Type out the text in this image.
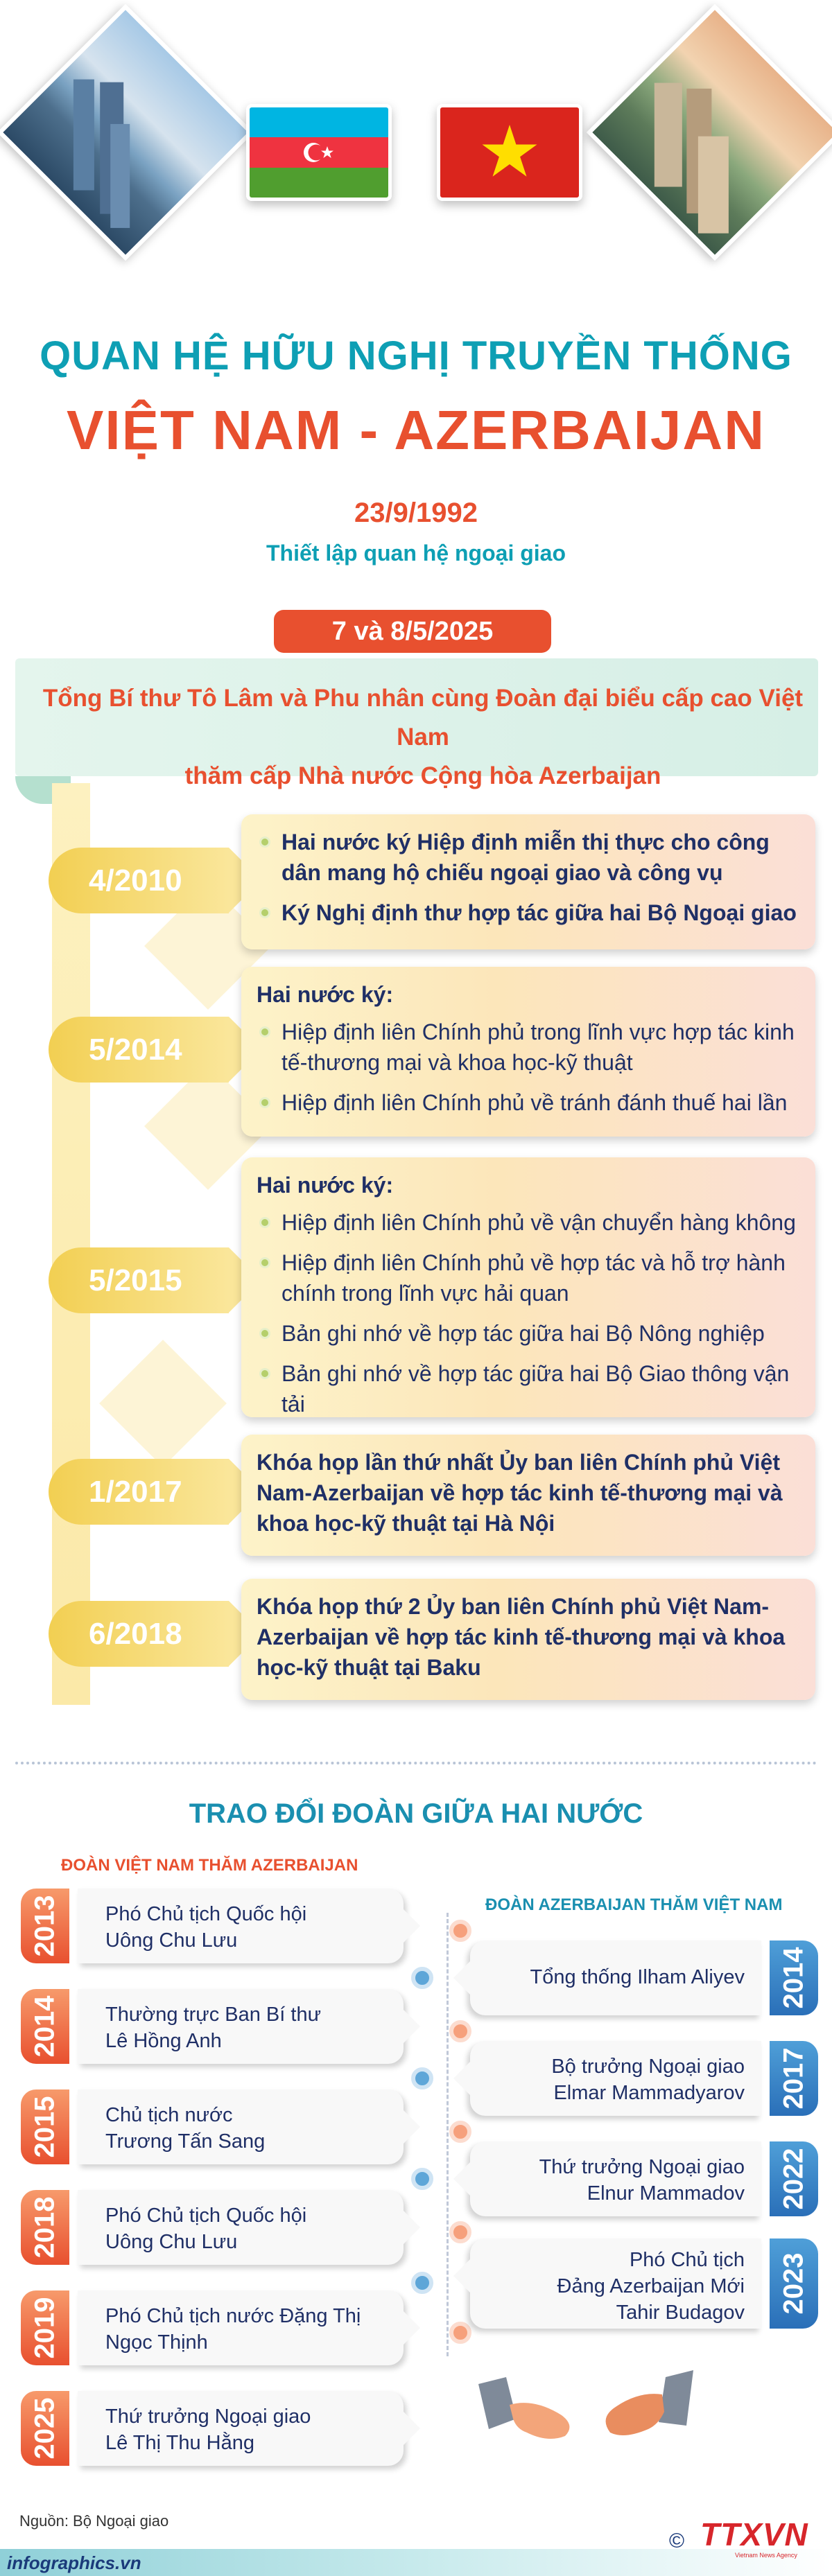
QUAN HỆ HỮU NGHỊ TRUYỀN THỐNG
VIỆT NAM - AZERBAIJAN
23/9/1992
Thiết lập quan hệ ngoại giao
7 và 8/5/2025
Tổng Bí thư Tô Lâm và Phu nhân cùng Đoàn đại biểu cấp cao Việt Nam
thăm cấp Nhà nước Cộng hòa Azerbaijan
4/2010
Hai nước ký Hiệp định miễn thị thực cho công dân mang hộ chiếu ngoại giao và công vụ
Ký Nghị định thư hợp tác giữa hai Bộ Ngoại giao
5/2014
Hai nước ký:
Hiệp định liên Chính phủ trong lĩnh vực hợp tác kinh tế-thương mại và khoa học-kỹ thuật
Hiệp định liên Chính phủ về tránh đánh thuế hai lần
5/2015
Hai nước ký:
Hiệp định liên Chính phủ về vận chuyển hàng không
Hiệp định liên Chính phủ về hợp tác và hỗ trợ hành chính trong lĩnh vực hải quan
Bản ghi nhớ về hợp tác giữa hai Bộ Nông nghiệp
Bản ghi nhớ về hợp tác giữa hai Bộ Giao thông vận tải
1/2017
Khóa họp lần thứ nhất Ủy ban liên Chính phủ Việt Nam-Azerbaijan về hợp tác kinh tế-thương mại và khoa học-kỹ thuật tại Hà Nội
6/2018
Khóa họp thứ 2 Ủy ban liên Chính phủ Việt Nam-Azerbaijan về hợp tác kinh tế-thương mại và khoa học-kỹ thuật tại Baku
TRAO ĐỔI ĐOÀN GIỮA HAI NƯỚC
ĐOÀN VIỆT NAM THĂM AZERBAIJAN
ĐOÀN AZERBAIJAN THĂM VIỆT NAM
2013 Phó Chủ tịch Quốc hội
Uông Chu Lưu
2014 Thường trực Ban Bí thư
Lê Hồng Anh
2015 Chủ tịch nước
Trương Tấn Sang
2018 Phó Chủ tịch Quốc hội
Uông Chu Lưu
2019 Phó Chủ tịch nước Đặng Thị
Ngọc Thịnh
2025 Thứ trưởng Ngoại giao
Lê Thị Thu Hằng
2014
Tổng thống Ilham Aliyev
2017
Bộ trưởng Ngoại giao
Elmar Mammadyarov
2022
Thứ trưởng Ngoại giao
Elnur Mammadov
2023
Phó Chủ tịch
Đảng Azerbaijan Mới
Tahir Budagov
Nguồn: Bộ Ngoại giao
infographics.vn
© TTXVN
Vietnam News Agency
